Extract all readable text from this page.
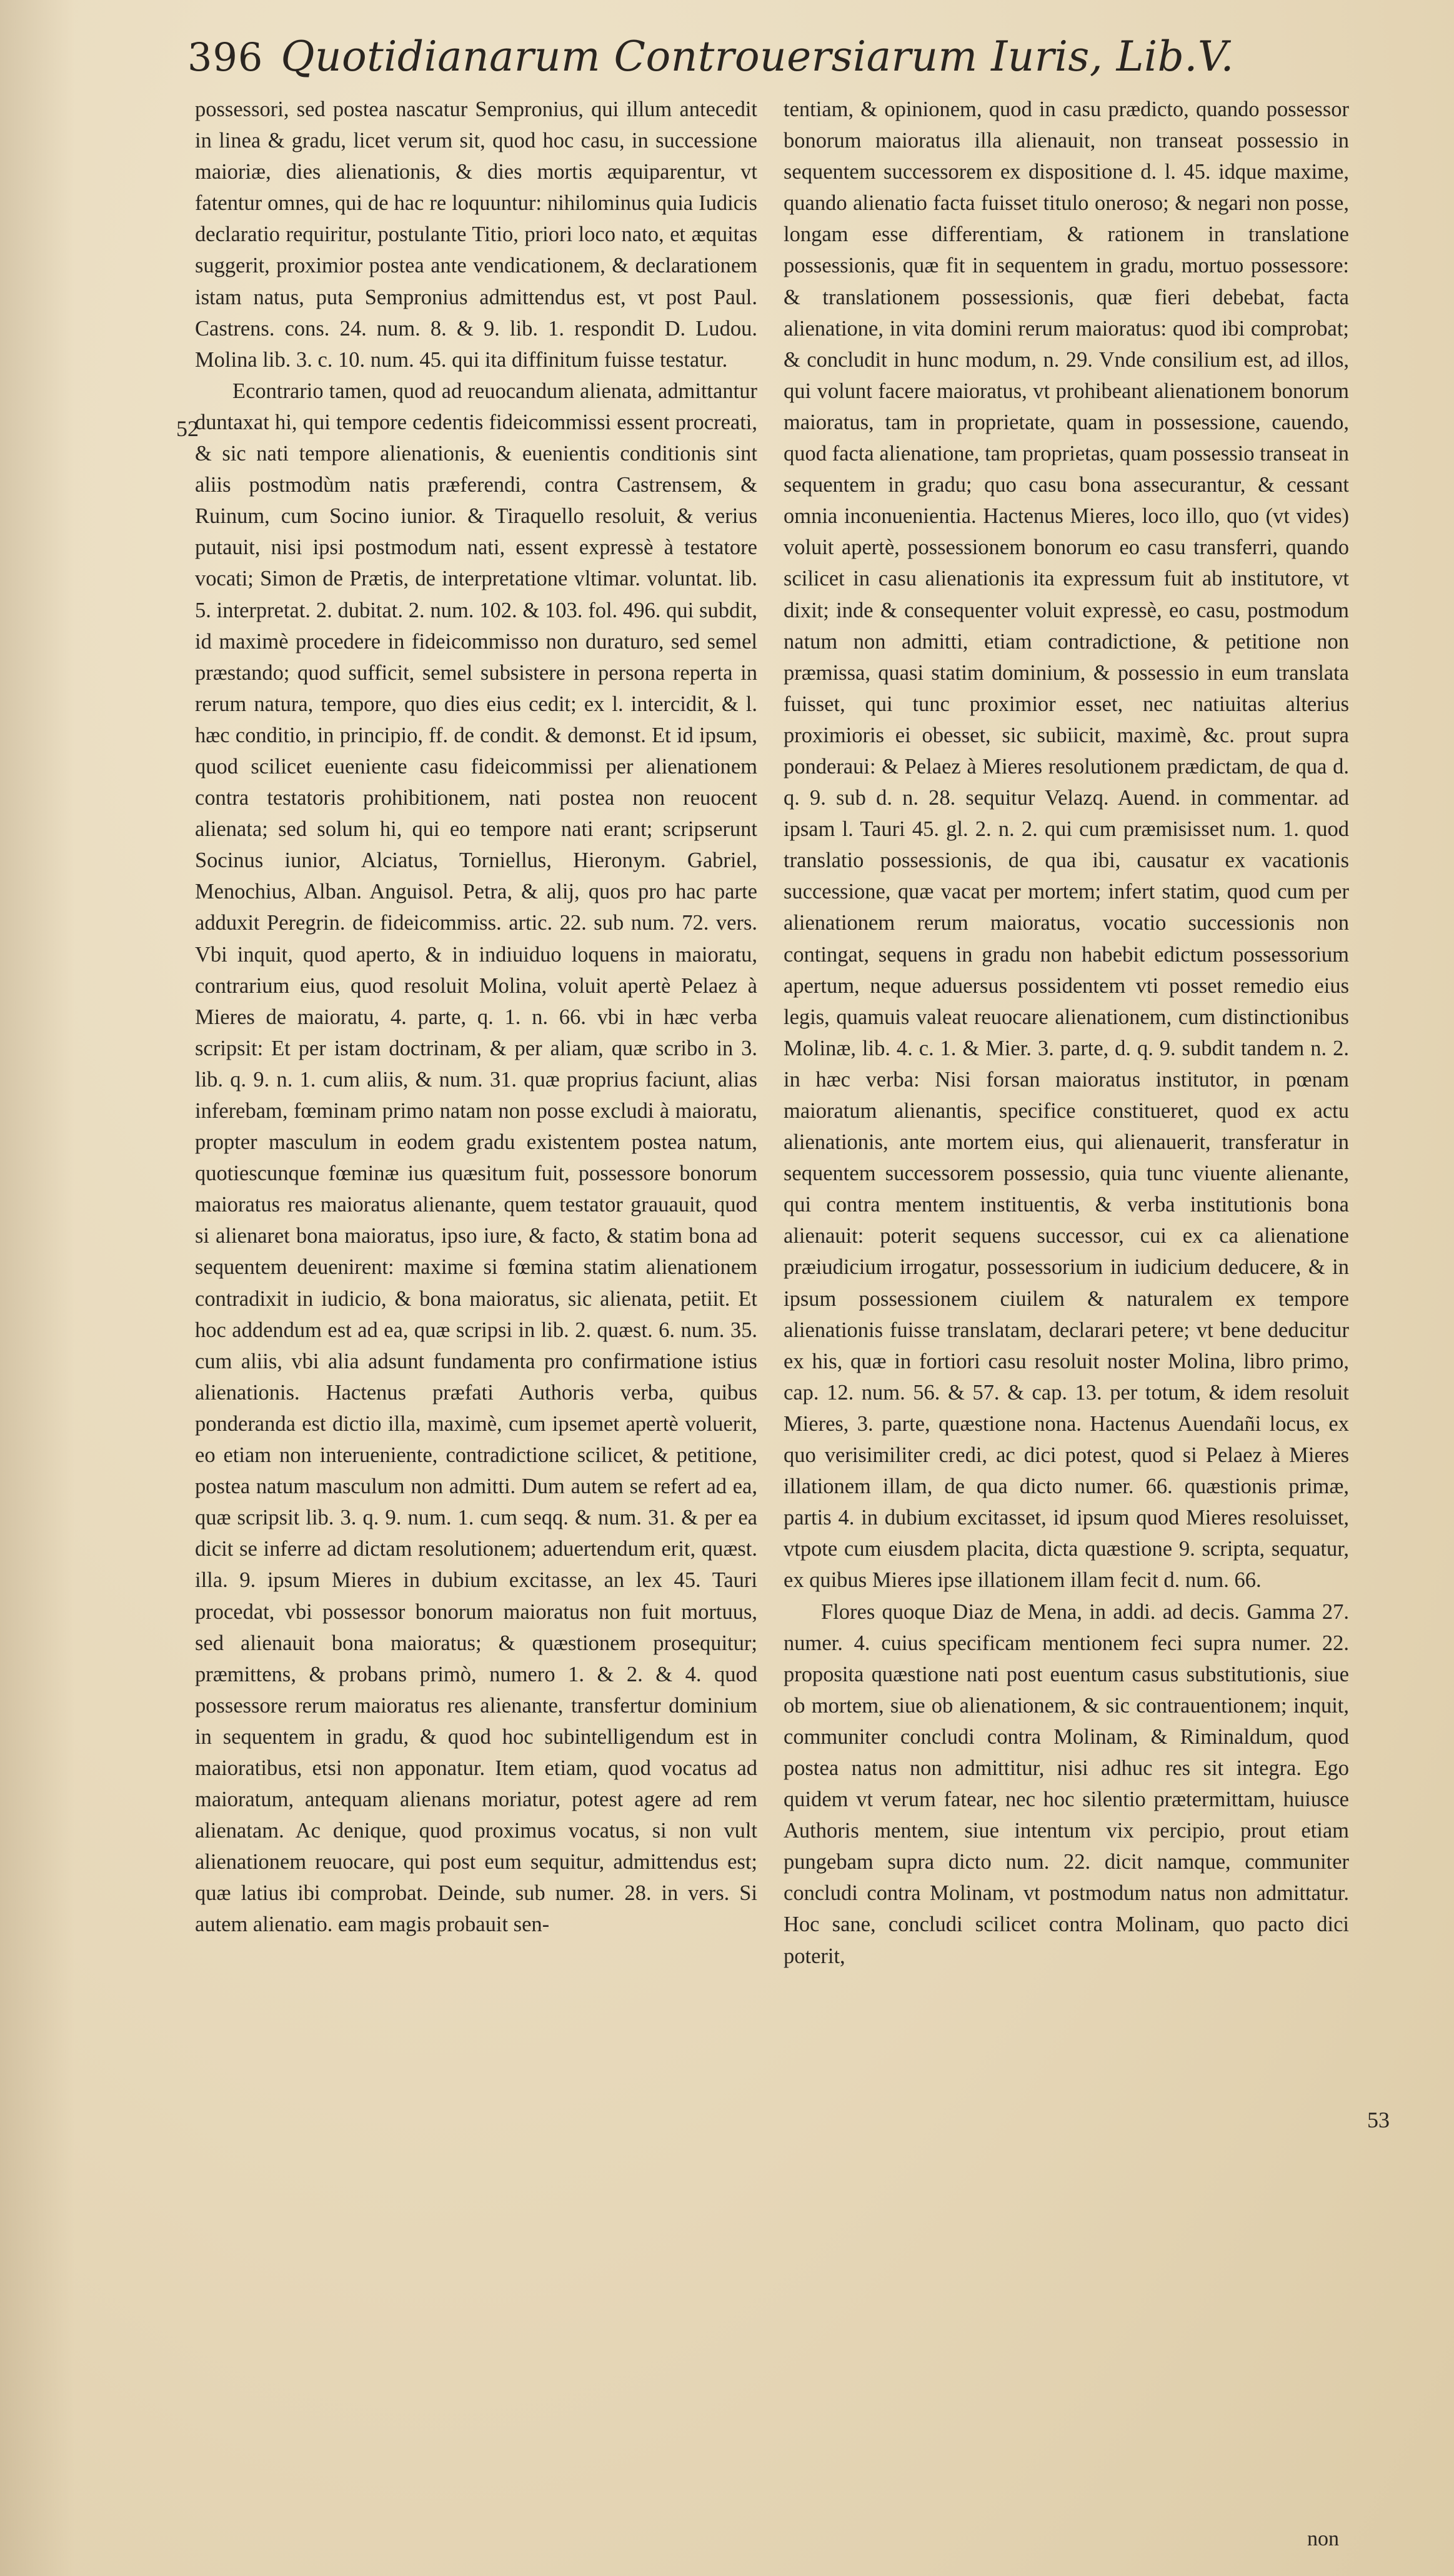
396 Quotidianarum Controuersiarum Iuris, Lib.V.
52
53

possessori, sed postea nascatur Sempronius, qui illum antecedit in linea & gradu, licet verum sit, quod hoc casu, in successione maioriæ, dies alienationis, & dies mortis æquiparentur, vt fatentur omnes, qui de hac re loquuntur: nihilominus quia Iudicis declaratio requiritur, postulante Titio, priori loco nato, et æquitas suggerit, proximior postea ante vendicationem, & declarationem istam natus, puta Sempronius admittendus est, vt post Paul. Castrens. cons. 24. num. 8. & 9. lib. 1. respondit D. Ludou. Molina lib. 3. c. 10. num. 45. qui ita diffinitum fuisse testatur.

Econtrario tamen, quod ad reuocandum alienata, admittantur duntaxat hi, qui tempore cedentis fideicommissi essent procreati, & sic nati tempore alienationis, & euenientis conditionis sint aliis postmodùm natis præferendi, contra Castrensem, & Ruinum, cum Socino iunior. & Tiraquello resoluit, & verius putauit, nisi ipsi postmodum nati, essent expressè à testatore vocati; Simon de Prætis, de interpretatione vltimar. voluntat. lib. 5. interpretat. 2. dubitat. 2. num. 102. & 103. fol. 496. qui subdit, id maximè procedere in fideicommisso non duraturo, sed semel præstando; quod sufficit, semel subsistere in persona reperta in rerum natura, tempore, quo dies eius cedit; ex l. intercidit, & l. hæc conditio, in principio, ff. de condit. & demonst. Et id ipsum, quod scilicet eueniente casu fideicommissi per alienationem contra testatoris prohibitionem, nati postea non reuocent alienata; sed solum hi, qui eo tempore nati erant; scripserunt Socinus iunior, Alciatus, Torniellus, Hieronym. Gabriel, Menochius, Alban. Anguisol. Petra, & alij, quos pro hac parte adduxit Peregrin. de fideicommiss. artic. 22. sub num. 72. vers. Vbi inquit, quod aperto, & in indiuiduo loquens in maioratu, contrarium eius, quod resoluit Molina, voluit apertè Pelaez à Mieres de maioratu, 4. parte, q. 1. n. 66. vbi in hæc verba scripsit: Et per istam doctrinam, & per aliam, quæ scribo in 3. lib. q. 9. n. 1. cum aliis, & num. 31. quæ proprius faciunt, alias inferebam, fœminam primo natam non posse excludi à maioratu, propter masculum in eodem gradu existentem postea natum, quotiescunque fœminæ ius quæsitum fuit, possessore bonorum maioratus res maioratus alienante, quem testator grauauit, quod si alienaret bona maioratus, ipso iure, & facto, & statim bona ad sequentem deuenirent: maxime si fœmina statim alienationem contradixit in iudicio, & bona maioratus, sic alienata, petiit. Et hoc addendum est ad ea, quæ scripsi in lib. 2. quæst. 6. num. 35. cum aliis, vbi alia adsunt fundamenta pro confirmatione istius alienationis. Hactenus præfati Authoris verba, quibus ponderanda est dictio illa, maximè, cum ipsemet apertè voluerit, eo etiam non interueniente, contradictione scilicet, & petitione, postea natum masculum non admitti. Dum autem se refert ad ea, quæ scripsit lib. 3. q. 9. num. 1. cum seqq. & num. 31. & per ea dicit se inferre ad dictam resolutionem; aduertendum erit, quæst. illa. 9. ipsum Mieres in dubium excitasse, an lex 45. Tauri procedat, vbi possessor bonorum maioratus non fuit mortuus, sed alienauit bona maioratus; & quæstionem prosequitur; præmittens, & probans primò, numero 1. & 2. & 4. quod possessore rerum maioratus res alienante, transfertur dominium in sequentem in gradu, & quod hoc subintelligendum est in maioratibus, etsi non apponatur. Item etiam, quod vocatus ad maioratum, antequam alienans moriatur, potest agere ad rem alienatam. Ac denique, quod proximus vocatus, si non vult alienationem reuocare, qui post eum sequitur, admittendus est; quæ latius ibi comprobat. Deinde, sub numer. 28. in vers. Si autem alienatio. eam magis probauit sen-

tentiam, & opinionem, quod in casu prædicto, quando possessor bonorum maioratus illa alienauit, non transeat possessio in sequentem successorem ex dispositione d. l. 45. idque maxime, quando alienatio facta fuisset titulo oneroso; & negari non posse, longam esse differentiam, & rationem in translatione possessionis, quæ fit in sequentem in gradu, mortuo possessore: & translationem possessionis, quæ fieri debebat, facta alienatione, in vita domini rerum maioratus: quod ibi comprobat; & concludit in hunc modum, n. 29. Vnde consilium est, ad illos, qui volunt facere maioratus, vt prohibeant alienationem bonorum maioratus, tam in proprietate, quam in possessione, cauendo, quod facta alienatione, tam proprietas, quam possessio transeat in sequentem in gradu; quo casu bona assecurantur, & cessant omnia inconuenientia. Hactenus Mieres, loco illo, quo (vt vides) voluit apertè, possessionem bonorum eo casu transferri, quando scilicet in casu alienationis ita expressum fuit ab institutore, vt dixit; inde & consequenter voluit expressè, eo casu, postmodum natum non admitti, etiam contradictione, & petitione non præmissa, quasi statim dominium, & possessio in eum translata fuisset, qui tunc proximior esset, nec natiuitas alterius proximioris ei obesset, sic subiicit, maximè, &c. prout supra ponderaui: & Pelaez à Mieres resolutionem prædictam, de qua d. q. 9. sub d. n. 28. sequitur Velazq. Auend. in commentar. ad ipsam l. Tauri 45. gl. 2. n. 2. qui cum præmisisset num. 1. quod translatio possessionis, de qua ibi, causatur ex vacationis successione, quæ vacat per mortem; infert statim, quod cum per alienationem rerum maioratus, vocatio successionis non contingat, sequens in gradu non habebit edictum possessorium apertum, neque aduersus possidentem vti posset remedio eius legis, quamuis valeat reuocare alienationem, cum distinctionibus Molinæ, lib. 4. c. 1. & Mier. 3. parte, d. q. 9. subdit tandem n. 2. in hæc verba: Nisi forsan maioratus institutor, in pœnam maioratum alienantis, specifice constitueret, quod ex actu alienationis, ante mortem eius, qui alienauerit, transferatur in sequentem successorem possessio, quia tunc viuente alienante, qui contra mentem instituentis, & verba institutionis bona alienauit: poterit sequens successor, cui ex ca alienatione præiudicium irrogatur, possessorium in iudicium deducere, & in ipsum possessionem ciuilem & naturalem ex tempore alienationis fuisse translatam, declarari petere; vt bene deducitur ex his, quæ in fortiori casu resoluit noster Molina, libro primo, cap. 12. num. 56. & 57. & cap. 13. per totum, & idem resoluit Mieres, 3. parte, quæstione nona. Hactenus Auendañi locus, ex quo verisimiliter credi, ac dici potest, quod si Pelaez à Mieres illationem illam, de qua dicto numer. 66. quæstionis primæ, partis 4. in dubium excitasset, id ipsum quod Mieres resoluisset, vtpote cum eiusdem placita, dicta quæstione 9. scripta, sequatur, ex quibus Mieres ipse illationem illam fecit d. num. 66.

Flores quoque Diaz de Mena, in addi. ad decis. Gamma 27. numer. 4. cuius specificam mentionem feci supra numer. 22. proposita quæstione nati post euentum casus substitutionis, siue ob mortem, siue ob alienationem, & sic contrauentionem; inquit, communiter concludi contra Molinam, & Riminaldum, quod postea natus non admittitur, nisi adhuc res sit integra. Ego quidem vt verum fatear, nec hoc silentio prætermittam, huiusce Authoris mentem, siue intentum vix percipio, prout etiam pungebam supra dicto num. 22. dicit namque, communiter concludi contra Molinam, vt postmodum natus non admittatur. Hoc sane, concludi scilicet contra Molinam, quo pacto dici poterit,

non
